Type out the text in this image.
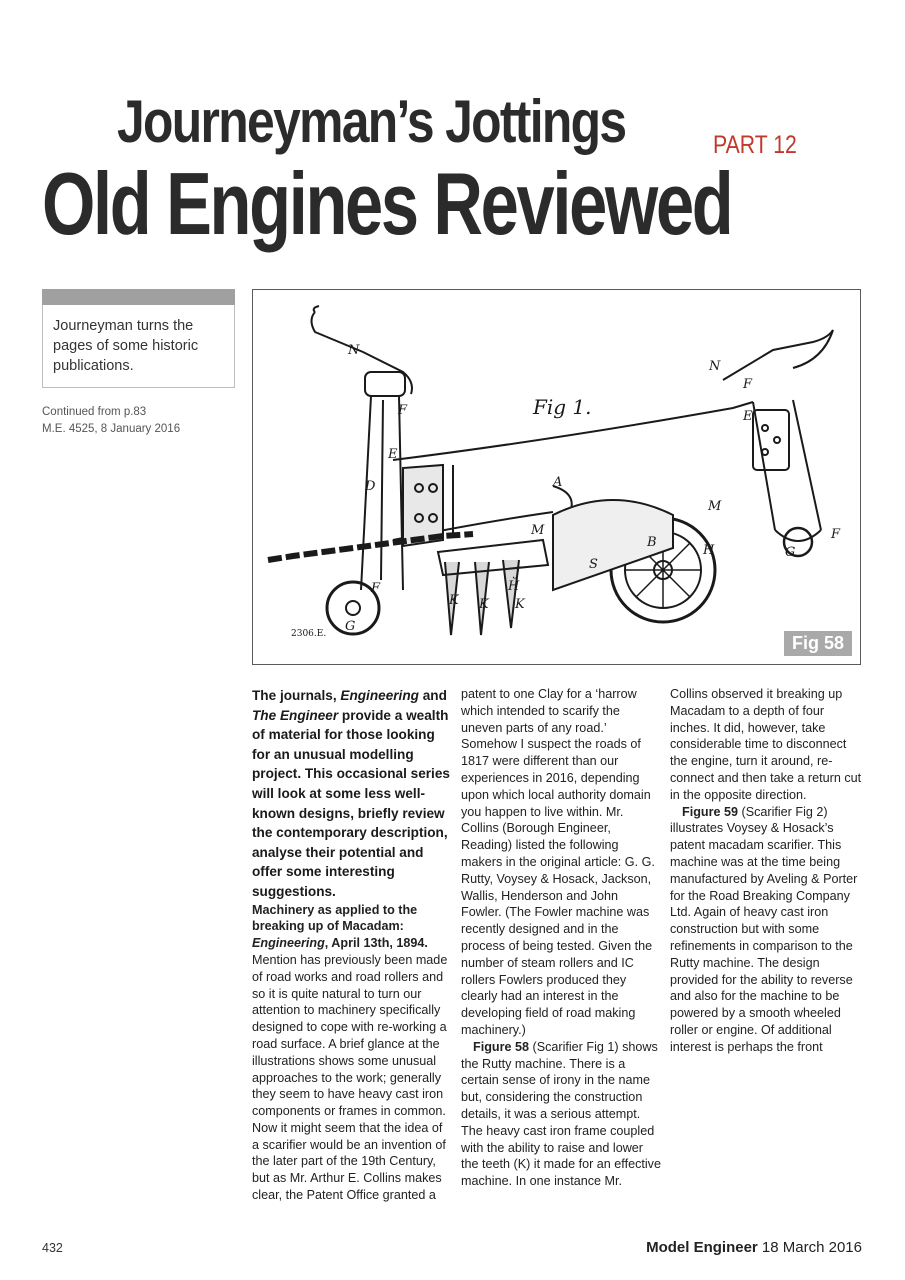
Journeyman’s Jottings	PART 12
Old Engines Reviewed
Journeyman turns the pages of some historic publications.
Continued from p.83
M.E. 4525, 8 January 2016
N
F
E
D	A
M
J
H
K K K
F
G
S
B
N
F
E
H
M
F
G
Fig 1.
2306.E.	Fig 58

The journals, Engineering and The Engineer provide a wealth of material for those looking for an unusual modelling project. This occasional series will look at some less well-known designs, briefly review the contemporary description, analyse their potential and offer some interesting suggestions.

Machinery as applied to the breaking up of Macadam: Engineering, April 13th, 1894. Mention has previously been made of road works and road rollers and so it is quite natural to turn our attention to machinery specifically designed to cope with re-working a road surface. A brief glance at the illustrations shows some unusual approaches to the work; generally they seem to have heavy cast iron components or frames in common. Now it might seem that the idea of a scarifier would be an invention of the later part of the 19th Century, but as Mr. Arthur E. Collins makes clear, the Patent Office granted a

patent to one Clay for a ‘harrow which intended to scarify the uneven parts of any road.’ Somehow I suspect the roads of 1817 were different than our experiences in 2016, depending upon which local authority domain you happen to live within. Mr. Collins (Borough Engineer, Reading) listed the following makers in the original article: G. G. Rutty, Voysey & Hosack, Jackson, Wallis, Henderson and John Fowler. (The Fowler machine was recently designed and in the process of being tested. Given the number of steam rollers and IC rollers Fowlers produced they clearly had an interest in the developing field of road making machinery.)

Figure 58 (Scarifier Fig 1) shows the Rutty machine. There is a certain sense of irony in the name but, considering the construction details, it was a serious attempt. The heavy cast iron frame coupled with the ability to raise and lower the teeth (K) it made for an effective machine. In one instance Mr.

Collins observed it breaking up Macadam to a depth of four inches. It did, however, take considerable time to disconnect the engine, turn it around, re-connect and then take a return cut in the opposite direction.

Figure 59 (Scarifier Fig 2) illustrates Voysey & Hosack’s patent macadam scarifier. This machine was at the time being manufactured by Aveling & Porter for the Road Breaking Company Ltd. Again of heavy cast iron construction but with some refinements in comparison to the Rutty machine. The design provided for the ability to reverse and also for the machine to be powered by a smooth wheeled roller or engine. Of additional interest is perhaps the front

432	Model Engineer 18 March 2016
